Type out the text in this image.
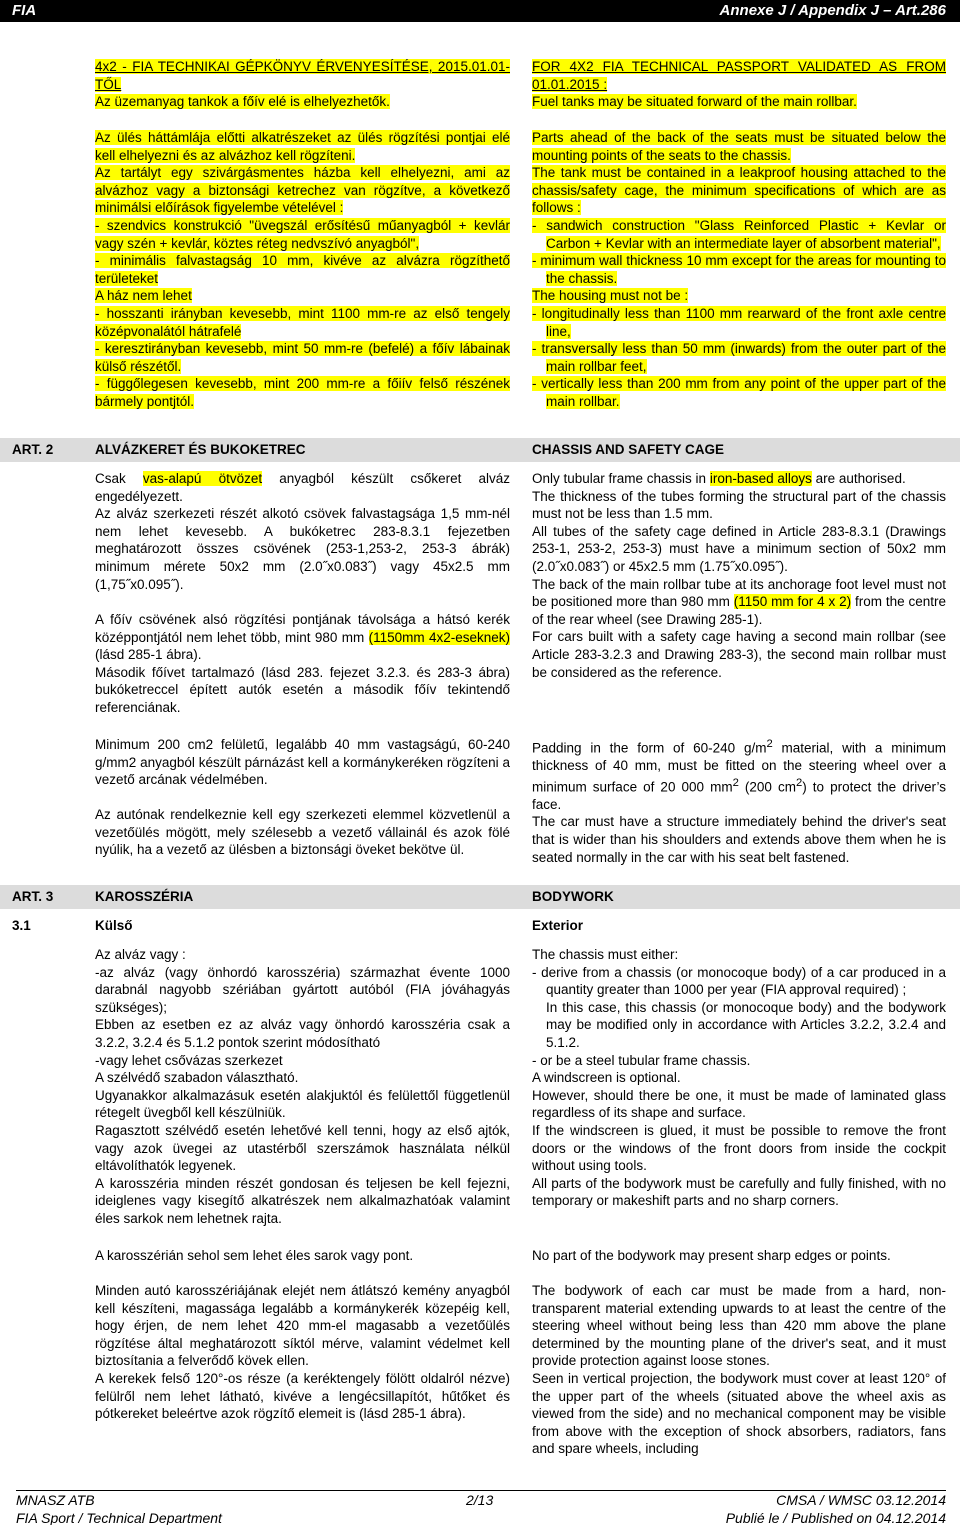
FIA	Annexe J / Appendix J – Art.286
4x2 - FIA TECHNIKAI GÉPKÖNYV ÉRVENYESÍTÉSE, 2015.01.01-TŐL
Az üzemanyag tankok a főív elé is elhelyezhetők.
FOR 4X2 FIA TECHNICAL PASSPORT VALIDATED AS FROM 01.01.2015 :
Fuel tanks may be situated forward of the main rollbar.
Az ülés háttámlája előtti alkatrészeket az ülés rögzítési pontjai elé kell elhelyezni és az alvázhoz kell rögzíteni.
Az tartályt egy szivárgásmentes házba kell elhelyezni, ami az alvázhoz vagy a biztonsági ketrechez van rögzítve, a következő minimálsi előírások figyelembe vételével :
- szendvics konstrukció "üvegszál erősítésű műanyagból + kevlár vagy szén + kevlár, köztes réteg nedvszívó anyagból",
- minimális falvastagság 10 mm, kivéve az alvázra rögzíthető területeket
A ház nem lehet
- hosszanti irányban kevesebb, mint 1100 mm-re az első tengely középvonalától hátrafelé
- keresztirányban kevesebb, mint 50 mm-re (befelé) a főív lábainak külső részétől.
- függőlegesen kevesebb, mint 200 mm-re a főiív felső részének bármely pontjtól.
Parts ahead of the back of the seats must be situated below the mounting points of the seats to the chassis.
The tank must be contained in a leakproof housing attached to the chassis/safety cage, the minimum specifications of which are as follows :
- sandwich construction "Glass Reinforced Plastic + Kevlar or Carbon + Kevlar with an intermediate layer of absorbent material",
- minimum wall thickness 10 mm except for the areas for mounting to the chassis.
The housing must not be :
- longitudinally less than 1100 mm rearward of the front axle centre line,
- transversally less than 50 mm (inwards) from the outer part of the main rollbar feet,
- vertically less than 200 mm from any point of the upper part of the main rollbar.
ART. 2	ALVÁZKERET ÉS BUKOKETREC	CHASSIS AND SAFETY CAGE
Csak vas-alapú ötvözet anyagból készült csőkeret alváz engedélyezett.
Az alváz szerkezeti részét alkotó csövek falvastagsága 1,5 mm-nél nem lehet kevesebb. A bukóketrec 283-8.3.1 fejezetben meghatározott összes csövének (253-1,253-2, 253-3 ábrák) minimum mérete 50x2 mm (2.0˝x0.083˝) vagy 45x2.5 mm (1,75˝x0.095˝).
A főív csövének alsó rögzítési pontjának távolsága a hátsó kerék középpontjától nem lehet több, mint 980 mm (1150mm 4x2-eseknek) (lásd 285-1 ábra).
Második főívet tartalmazó (lásd 283. fejezet 3.2.3. és 283-3 ábra) bukóketreccel épített autók esetén a második főív tekintendő referenciának.
Minimum 200 cm2 felületű, legalább 40 mm vastagságú, 60-240 g/mm2 anyagból készült párnázást kell a kormánykeréken rögzíteni a vezető arcának védelmében.
Az autónak rendelkeznie kell egy szerkezeti elemmel közvetlenül a vezetőülés mögött, mely szélesebb a vezető vállainál és azok fölé nyúlik, ha a vezető az ülésben a biztonsági öveket bekötve ül.
Only tubular frame chassis in iron-based alloys are authorised.
The thickness of the tubes forming the structural part of the chassis must not be less than 1.5 mm.
All tubes of the safety cage defined in Article 283-8.3.1 (Drawings 253-1, 253-2, 253-3) must have a minimum section of 50x2 mm (2.0˝x0.083˝) or 45x2.5 mm (1.75˝x0.095˝).
The back of the main rollbar tube at its anchorage foot level must not be positioned more than 980 mm (1150 mm for 4 x 2) from the centre of the rear wheel (see Drawing 285-1).
For cars built with a safety cage having a second main rollbar (see Article 283-3.2.3 and Drawing 283-3), the second main rollbar must be considered as the reference.
Padding in the form of 60-240 $g/m^2$ material, with a minimum thickness of 40 mm, must be fitted on the steering wheel over a minimum surface of 20 000 $mm^2$ (200 $cm^2$) to protect the driver’s face.
The car must have a structure immediately behind the driver's seat that is wider than his shoulders and extends above them when he is seated normally in the car with his seat belt fastened.
ART. 3	KAROSSZÉRIA	BODYWORK
3.1	Külső	Exterior
Az alváz vagy :
-az alváz (vagy önhordó karosszéria) származhat évente 1000 darabnál nagyobb szériában gyártott autóból (FIA jóváhagyás szükséges);
Ebben az esetben ez az alváz vagy önhordó karosszéria csak a 3.2.2, 3.2.4 és 5.1.2 pontok szerint módosítható
-vagy lehet csővázas szerkezet
A szélvédő szabadon választható.
Ugyanakkor alkalmazásuk esetén alakjuktól és felülettől függetlenül rétegelt üvegből kell készülniük.
Ragasztott szélvédő esetén lehetővé kell tenni, hogy az első ajtók, vagy azok üvegei az utastérből szerszámok használata nélkül eltávolíthatók legyenek.
A karosszéria minden részét gondosan és teljesen be kell fejezni, ideiglenes vagy kisegítő alkatrészek nem alkalmazhatóak valamint éles sarkok nem lehetnek rajta.
A karosszérián sehol sem lehet éles sarok vagy pont.
Minden autó karosszériájának elejét nem átlátszó kemény anyagból kell készíteni, magassága legalább a kormánykerék közepéig kell, hogy érjen, de nem lehet 420 mm-el magasabb a vezetőülés rögzítése által meghatározott síktól mérve, valamint védelmet kell biztosítania a felverődő kövek ellen.
A kerekek felső 120°-os része (a keréktengely fölött oldalról nézve) felülről nem lehet látható, kivéve a lengécsillapítót, hűtőket és pótkereket beleértve azok rögzítő elemeit is (lásd 285-1 ábra).
The chassis must either:
- derive from a chassis (or monocoque body) of a car produced in a quantity greater than 1000 per year (FIA approval required) ;
In this case, this chassis (or monocoque body) and the bodywork may be modified only in accordance with Articles 3.2.2, 3.2.4 and 5.1.2.
- or be a steel tubular frame chassis.
A windscreen is optional.
However, should there be one, it must be made of laminated glass regardless of its shape and surface.
If the windscreen is glued, it must be possible to remove the front doors or the windows of the front doors from inside the cockpit without using tools.
All parts of the bodywork must be carefully and fully finished, with no temporary or makeshift parts and no sharp corners.
No part of the bodywork may present sharp edges or points.
The bodywork of each car must be made from a hard, non-transparent material extending upwards to at least the centre of the steering wheel without being less than 420 mm above the plane determined by the mounting plane of the driver's seat, and it must provide protection against loose stones.
Seen in vertical projection, the bodywork must cover at least 120° of the upper part of the wheels (situated above the wheel axis as viewed from the side) and no mechanical component may be visible from above with the exception of shock absorbers, radiators, fans and spare wheels, including
MNASZ ATB	2/13	CMSA / WMSC 03.12.2014
FIA Sport / Technical Department	Publié le / Published on 04.12.2014
